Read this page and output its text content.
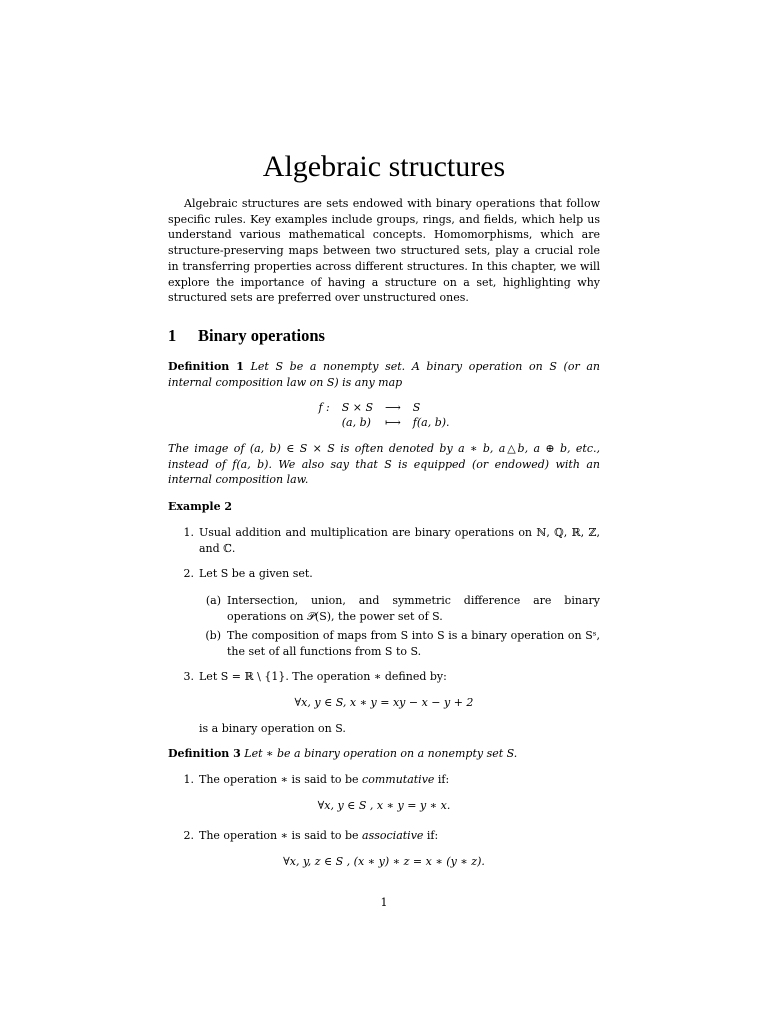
Algebraic structures

Algebraic structures are sets endowed with binary operations that follow specific rules. Key examples include groups, rings, and fields, which help us understand various mathematical concepts. Homomorphisms, which are structure-preserving maps between two structured sets, play a crucial role in transferring properties across different structures. In this chapter, we will explore the importance of having a structure on a set, highlighting why structured sets are preferred over unstructured ones.

1 Binary operations
Definition 1 Let S be a nonempty set. A binary operation on S (or an internal composition law on S) is any map
f :	S × S	⟶	S
	(a, b)	⟼	f(a, b).
The image of (a, b) ∈ S × S is often denoted by a ∗ b, a△b, a ⊕ b, etc., instead of f(a, b). We also say that S is equipped (or endowed) with an internal composition law.
Example 2
1. Usual addition and multiplication are binary operations on ℕ, ℚ, ℝ, ℤ, and ℂ.
2. Let S be a given set.
(a) Intersection, union, and symmetric difference are binary operations on 𝒫(S), the power set of S.
(b) The composition of maps from S into S is a binary operation on Sˢ, the set of all functions from S to S.
3. Let S = ℝ \ {1}. The operation ∗ defined by:
∀x, y ∈ S, x ∗ y = xy − x − y + 2
is a binary operation on S.
Definition 3 Let ∗ be a binary operation on a nonempty set S.
1. The operation ∗ is said to be commutative if:
∀x, y ∈ S , x ∗ y = y ∗ x.
2. The operation ∗ is said to be associative if:
∀x, y, z ∈ S , (x ∗ y) ∗ z = x ∗ (y ∗ z).
1
